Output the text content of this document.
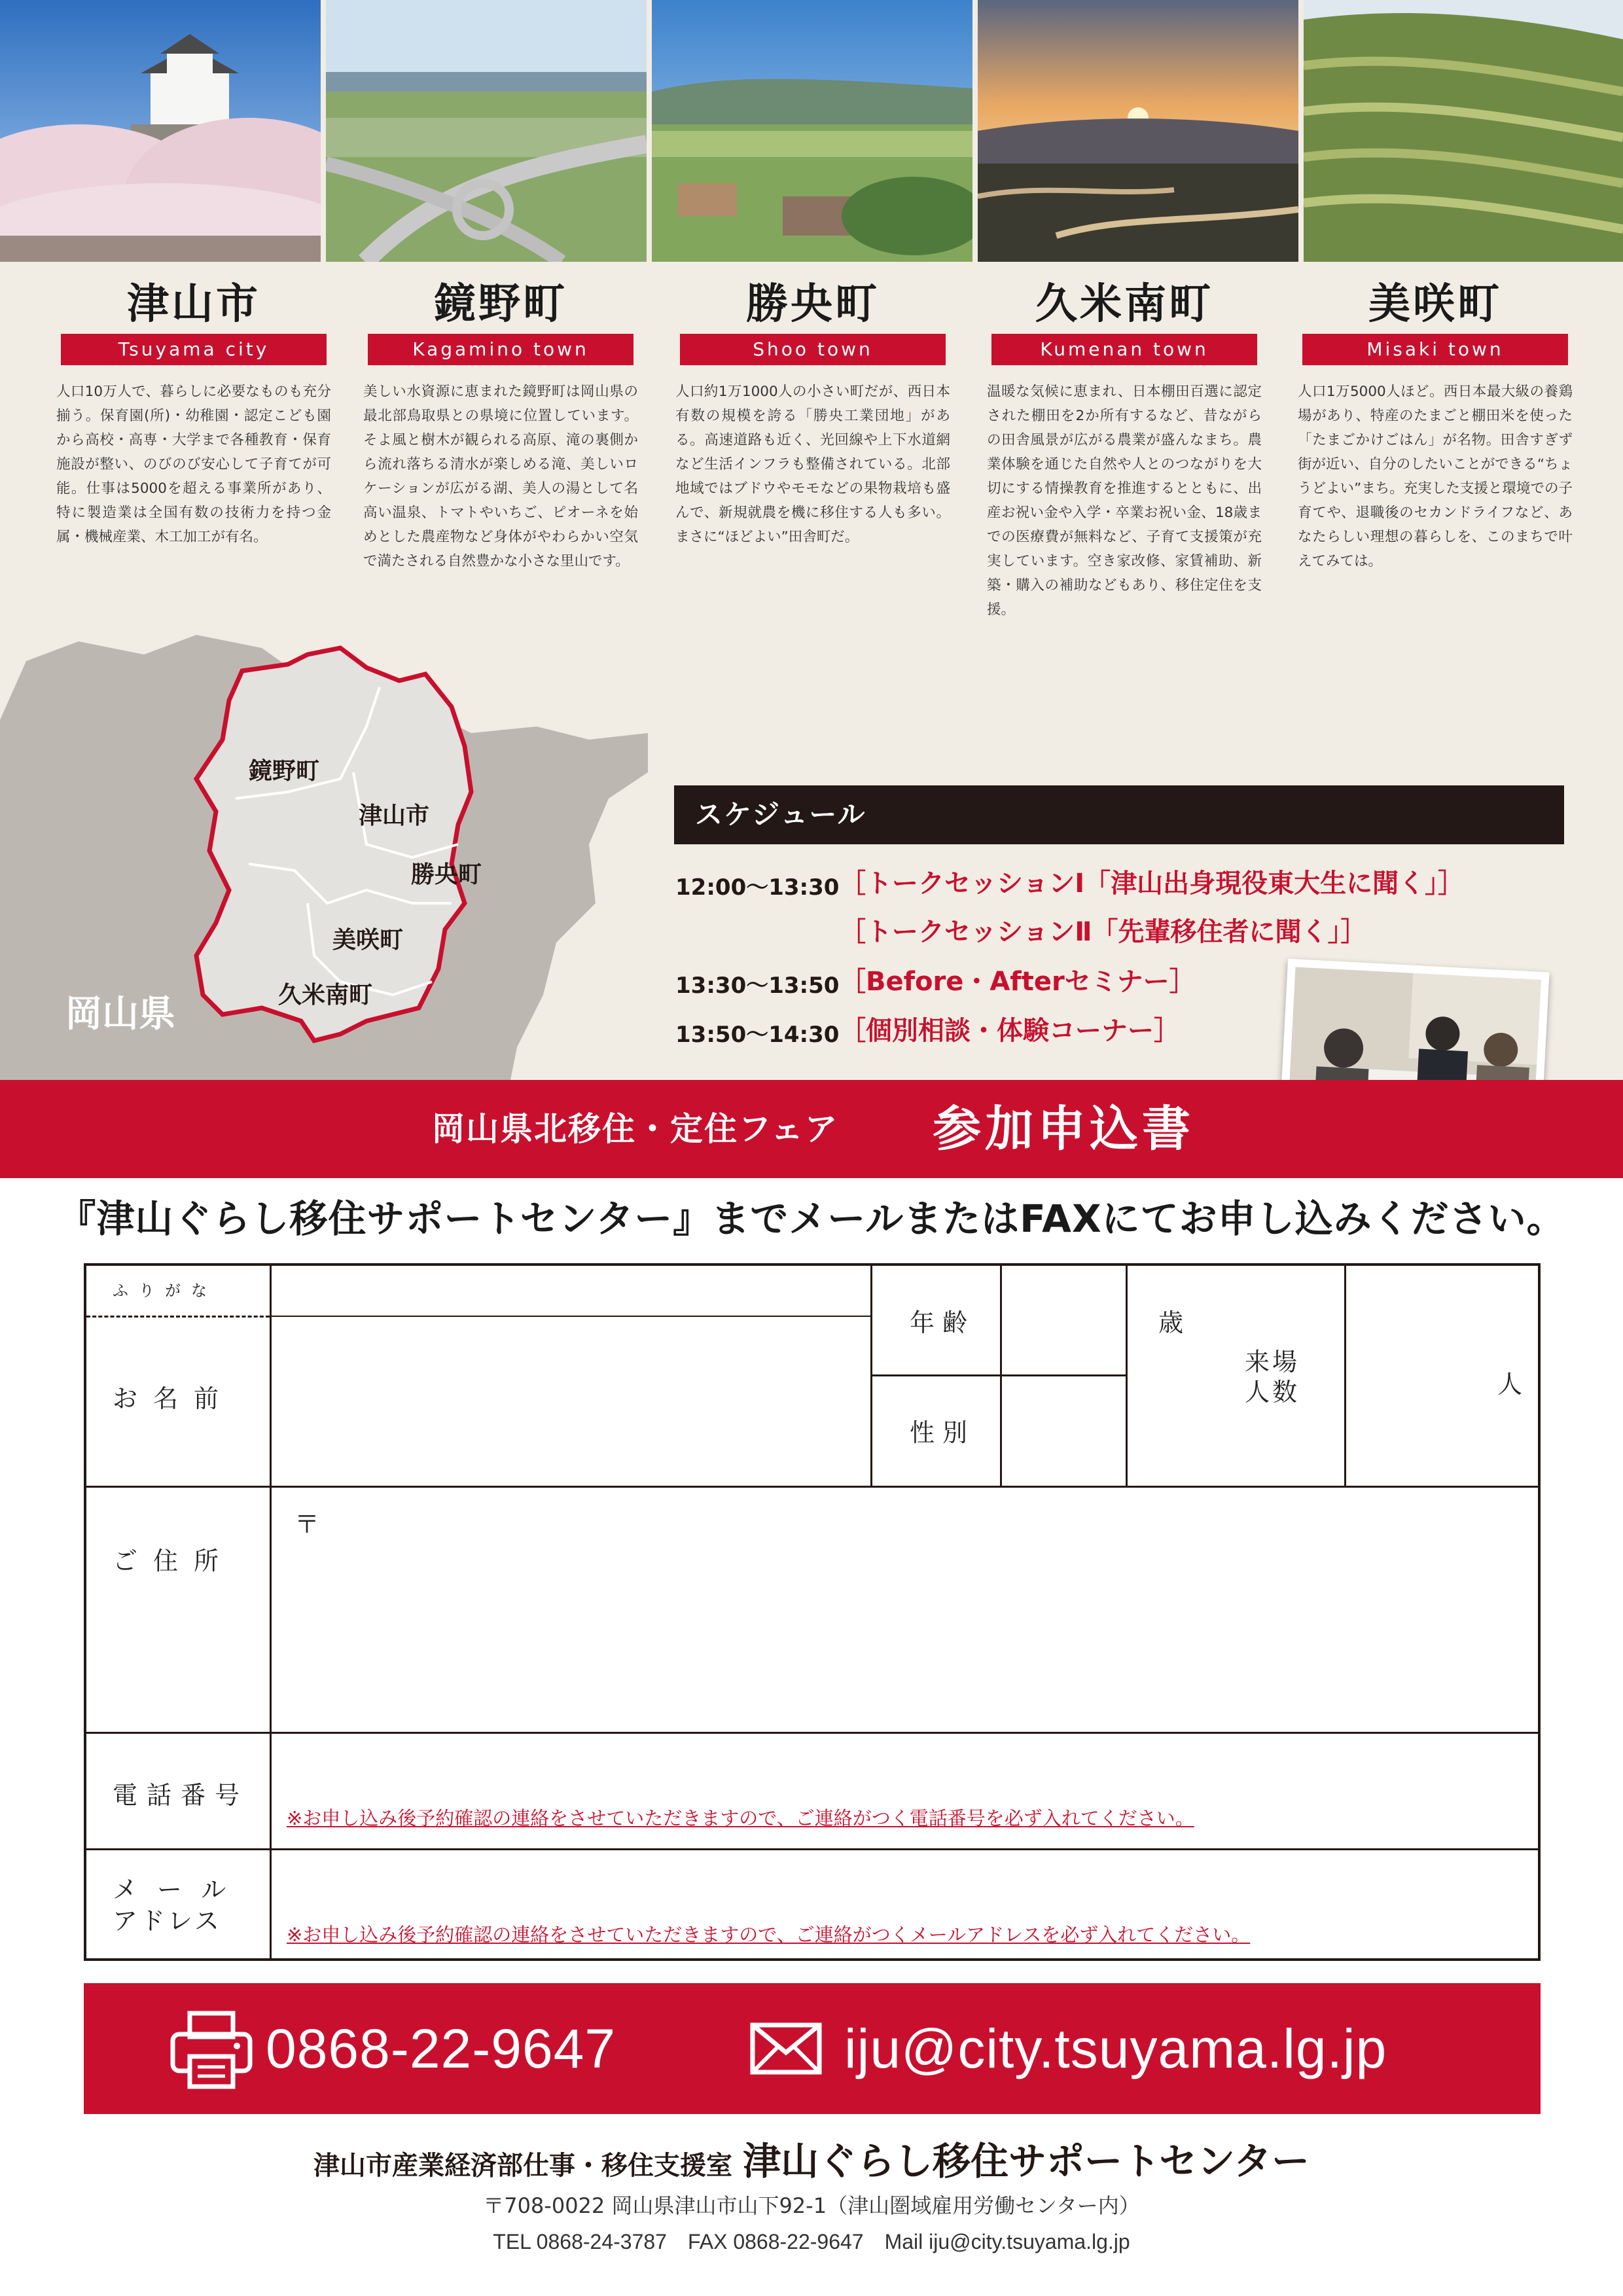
津山市
Tsuyama city
人口10万人で、暮らしに必要なものも充分揃う。保育園(所)・幼稚園・認定こども園から高校・高専・大学まで各種教育・保育施設が整い、のびのび安心して子育てが可能。仕事は5000を超える事業所があり、特に製造業は全国有数の技術力を持つ金属・機械産業、木工加工が有名。
鏡野町
Kagamino town
美しい水資源に恵まれた鏡野町は岡山県の最北部鳥取県との県境に位置しています。そよ風と樹木が観られる高原、滝の裏側から流れ落ちる清水が楽しめる滝、美しいロケーションが広がる湖、美人の湯として名高い温泉、トマトやいちご、ピオーネを始めとした農産物など身体がやわらかい空気で満たされる自然豊かな小さな里山です。
勝央町
Shoo town
人口約1万1000人の小さい町だが、西日本有数の規模を誇る「勝央工業団地」がある。高速道路も近く、光回線や上下水道網など生活インフラも整備されている。北部地域ではブドウやモモなどの果物栽培も盛んで、新規就農を機に移住する人も多い。まさに“ほどよい”田舎町だ。
久米南町
Kumenan town
温暖な気候に恵まれ、日本棚田百選に認定された棚田を2か所有するなど、昔ながらの田舎風景が広がる農業が盛んなまち。農業体験を通じた自然や人とのつながりを大切にする情操教育を推進するとともに、出産お祝い金や入学・卒業お祝い金、18歳までの医療費が無料など、子育て支援策が充実しています。空き家改修、家賃補助、新築・購入の補助などもあり、移住定住を支援。
美咲町
Misaki town
人口1万5000人ほど。西日本最大級の養鶏場があり、特産のたまごと棚田米を使った「たまごかけごはん」が名物。田舎すぎず街が近い、自分のしたいことができる“ちょうどよい”まち。充実した支援と環境での子育てや、退職後のセカンドライフなど、あなたらしい理想の暮らしを、このまちで叶えてみては。
鏡野町
津山市
勝央町
美咲町
久米南町
岡山県
スケジュール
12:00～13:30 ［トークセッションⅠ「津山出身現役東大生に聞く」］
［トークセッションⅡ「先輩移住者に聞く」］
13:30～13:50 ［Before・Afterセミナー］
13:50～14:30 ［個別相談・体験コーナー］
岡山県北移住・定住フェア 参加申込書
『津山ぐらし移住サポートセンター』までメールまたはFAXにてお申し込みください。
ふりがな
お名前
年齢	歳
性別
来場人数	人
ご住所
〒
電話番号
※お申し込み後予約確認の連絡をさせていただきますので、ご連絡がつく電話番号を必ず入れてください。
メール
アドレス	※お申し込み後予約確認の連絡をさせていただきますので、ご連絡がつくメールアドレスを必ず入れてください。
0868-22-9647	iju@city.tsuyama.lg.jp
津山市産業経済部仕事・移住支援室 津山ぐらし移住サポートセンター
〒708-0022 岡山県津山市山下92-1（津山圏域雇用労働センター内）
TEL 0868-24-3787　FAX 0868-22-9647　Mail iju@city.tsuyama.lg.jp
